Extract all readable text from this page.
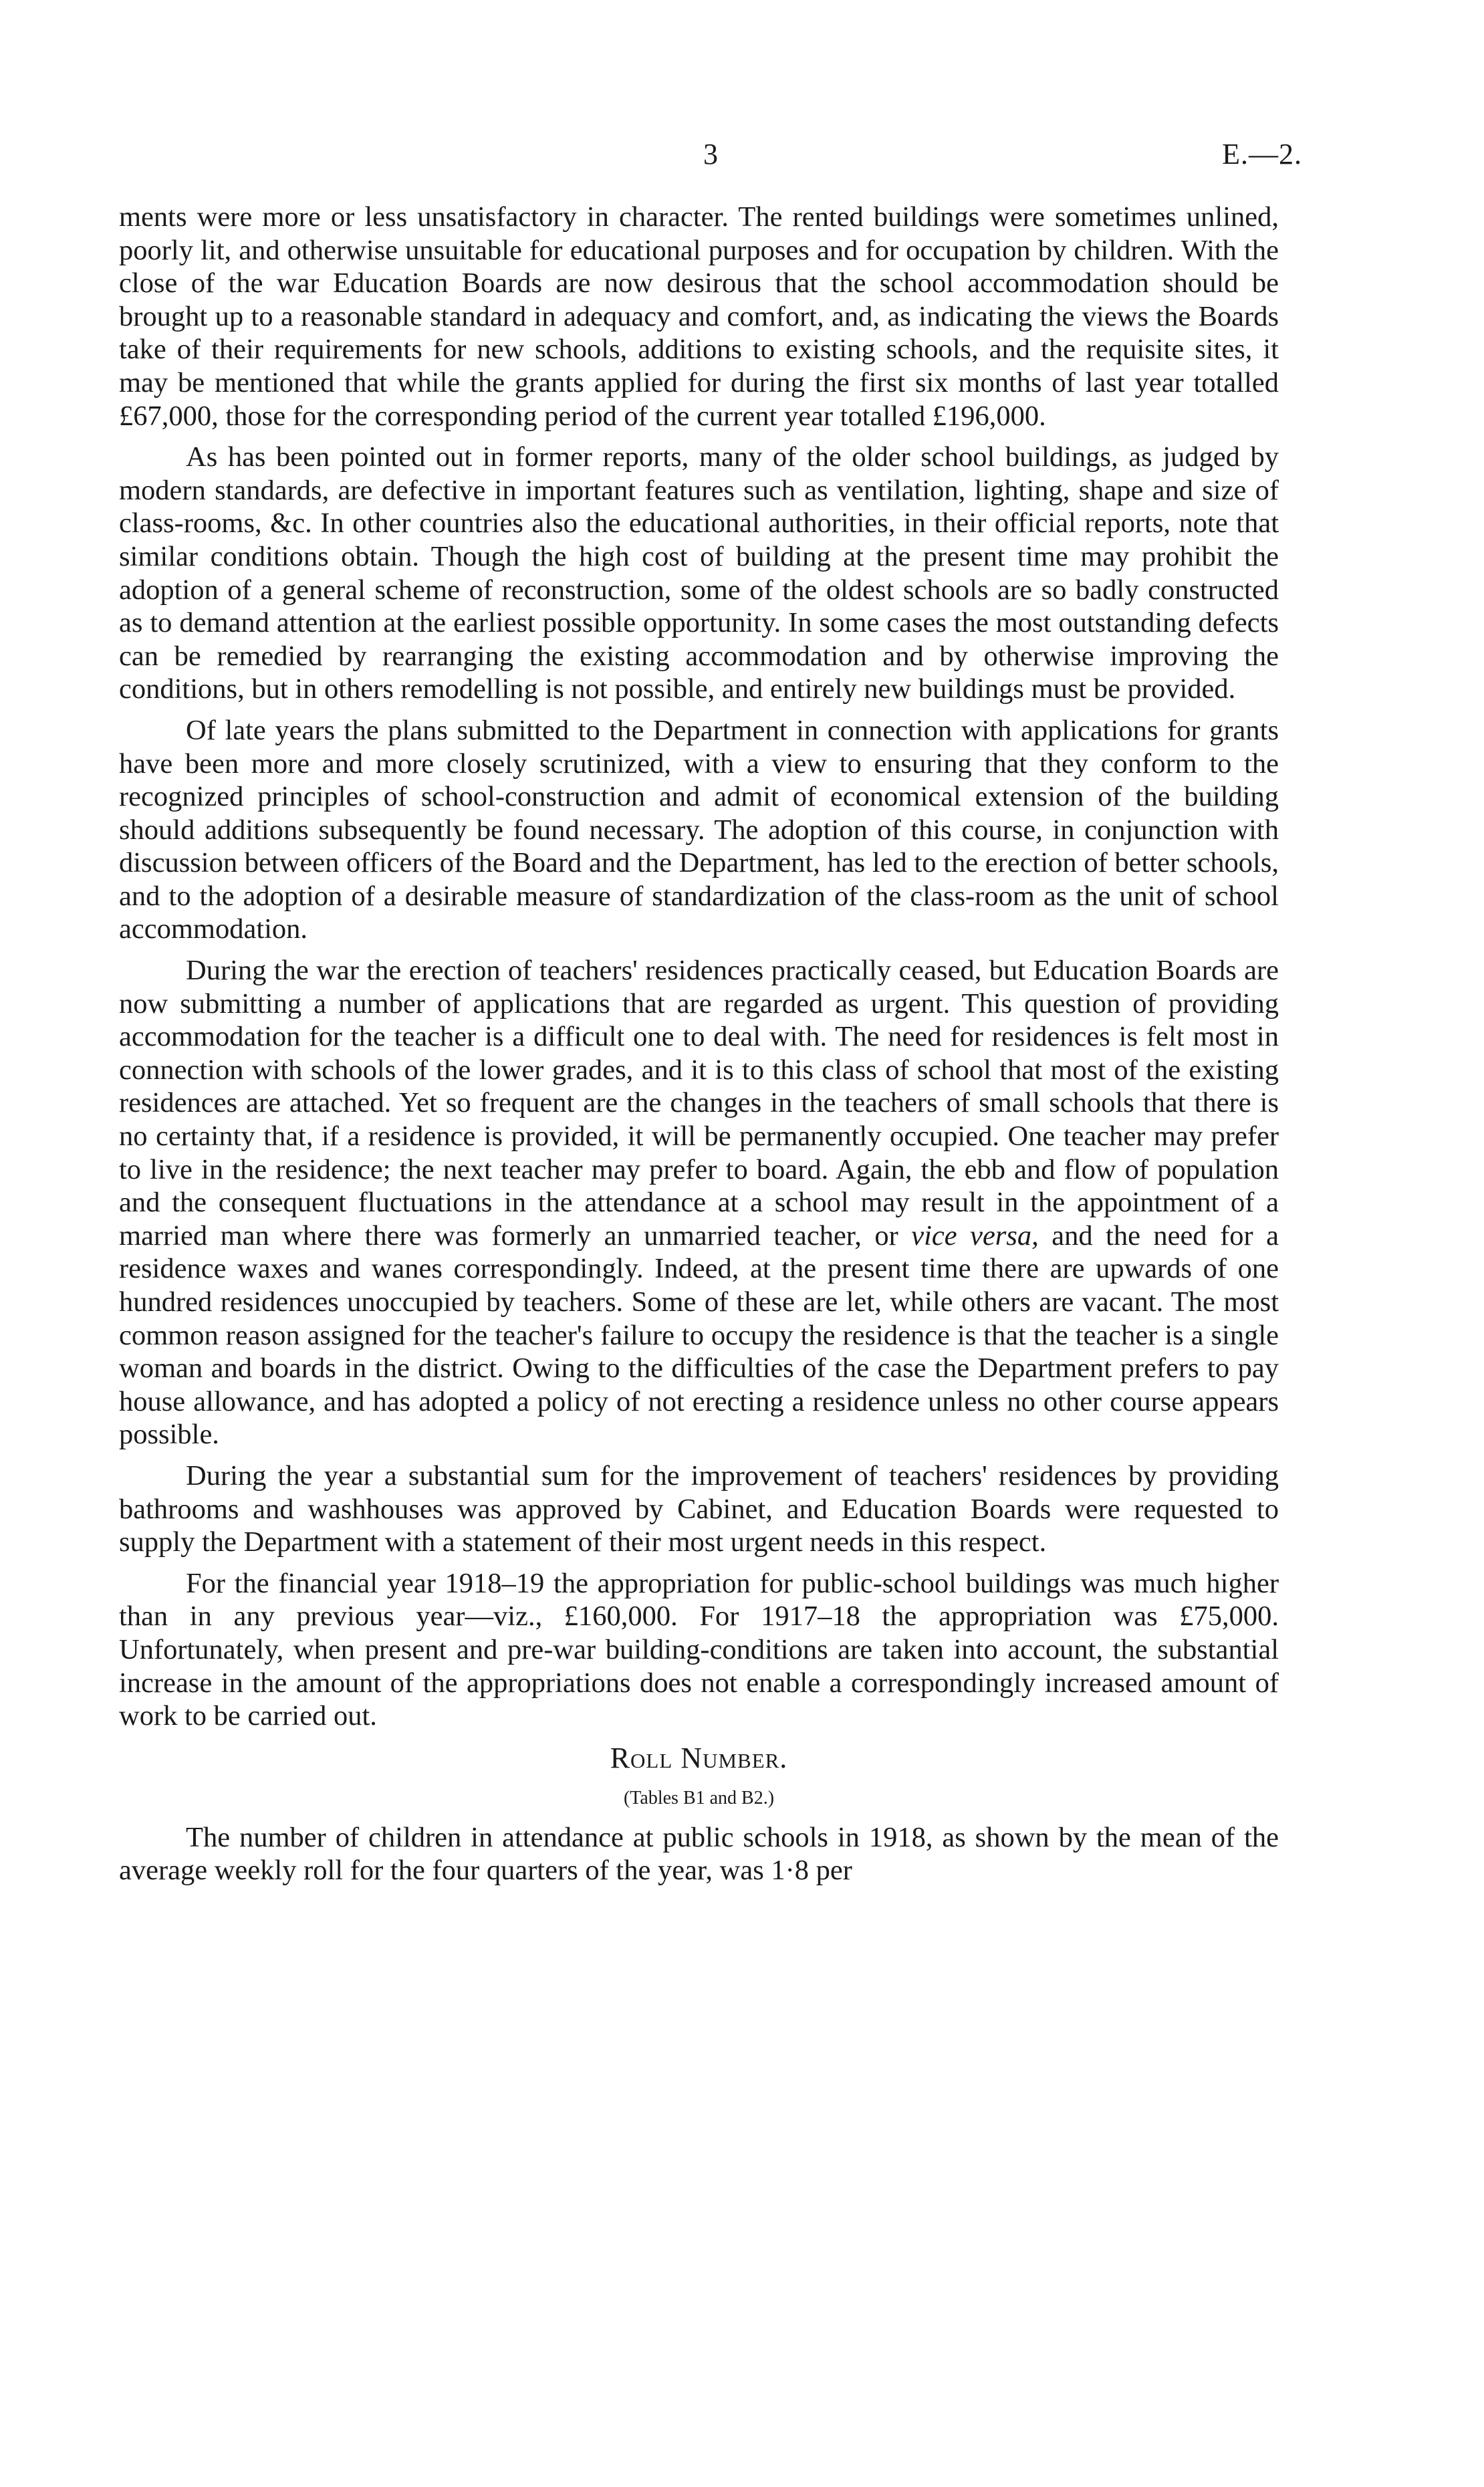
3	E.—2.

ments were more or less unsatisfactory in character. The rented buildings were sometimes unlined, poorly lit, and otherwise unsuitable for educational purposes and for occupation by children. With the close of the war Education Boards are now desirous that the school accommodation should be brought up to a reasonable standard in adequacy and comfort, and, as indicating the views the Boards take of their requirements for new schools, additions to existing schools, and the requisite sites, it may be mentioned that while the grants applied for during the first six months of last year totalled £67,000, those for the corresponding period of the current year totalled £196,000.

As has been pointed out in former reports, many of the older school buildings, as judged by modern standards, are defective in important features such as ventilation, lighting, shape and size of class-rooms, &c. In other countries also the educational authorities, in their official reports, note that similar conditions obtain. Though the high cost of building at the present time may prohibit the adoption of a general scheme of reconstruction, some of the oldest schools are so badly constructed as to demand attention at the earliest possible opportunity. In some cases the most outstanding defects can be remedied by rearranging the existing accommodation and by otherwise improving the conditions, but in others remodelling is not possible, and entirely new buildings must be provided.

Of late years the plans submitted to the Department in connection with applications for grants have been more and more closely scrutinized, with a view to ensuring that they conform to the recognized principles of school-construction and admit of economical extension of the building should additions subsequently be found necessary. The adoption of this course, in conjunction with discussion between officers of the Board and the Department, has led to the erection of better schools, and to the adoption of a desirable measure of standardization of the class-room as the unit of school accommodation.

During the war the erection of teachers' residences practically ceased, but Education Boards are now submitting a number of applications that are regarded as urgent. This question of providing accommodation for the teacher is a difficult one to deal with. The need for residences is felt most in connection with schools of the lower grades, and it is to this class of school that most of the existing residences are attached. Yet so frequent are the changes in the teachers of small schools that there is no certainty that, if a residence is provided, it will be permanently occupied. One teacher may prefer to live in the residence; the next teacher may prefer to board. Again, the ebb and flow of population and the consequent fluctuations in the attendance at a school may result in the appointment of a married man where there was formerly an unmarried teacher, or vice versa, and the need for a residence waxes and wanes correspondingly. Indeed, at the present time there are upwards of one hundred residences unoccupied by teachers. Some of these are let, while others are vacant. The most common reason assigned for the teacher's failure to occupy the residence is that the teacher is a single woman and boards in the district. Owing to the difficulties of the case the Department prefers to pay house allowance, and has adopted a policy of not erecting a residence unless no other course appears possible.

During the year a substantial sum for the improvement of teachers' residences by providing bathrooms and washhouses was approved by Cabinet, and Education Boards were requested to supply the Department with a statement of their most urgent needs in this respect.

For the financial year 1918–19 the appropriation for public-school buildings was much higher than in any previous year—viz., £160,000. For 1917–18 the appropriation was £75,000. Unfortunately, when present and pre-war building-conditions are taken into account, the substantial increase in the amount of the appropriations does not enable a correspondingly increased amount of work to be carried out.

Roll Number.

(Tables B1 and B2.)

The number of children in attendance at public schools in 1918, as shown by the mean of the average weekly roll for the four quarters of the year, was 1·8 per
